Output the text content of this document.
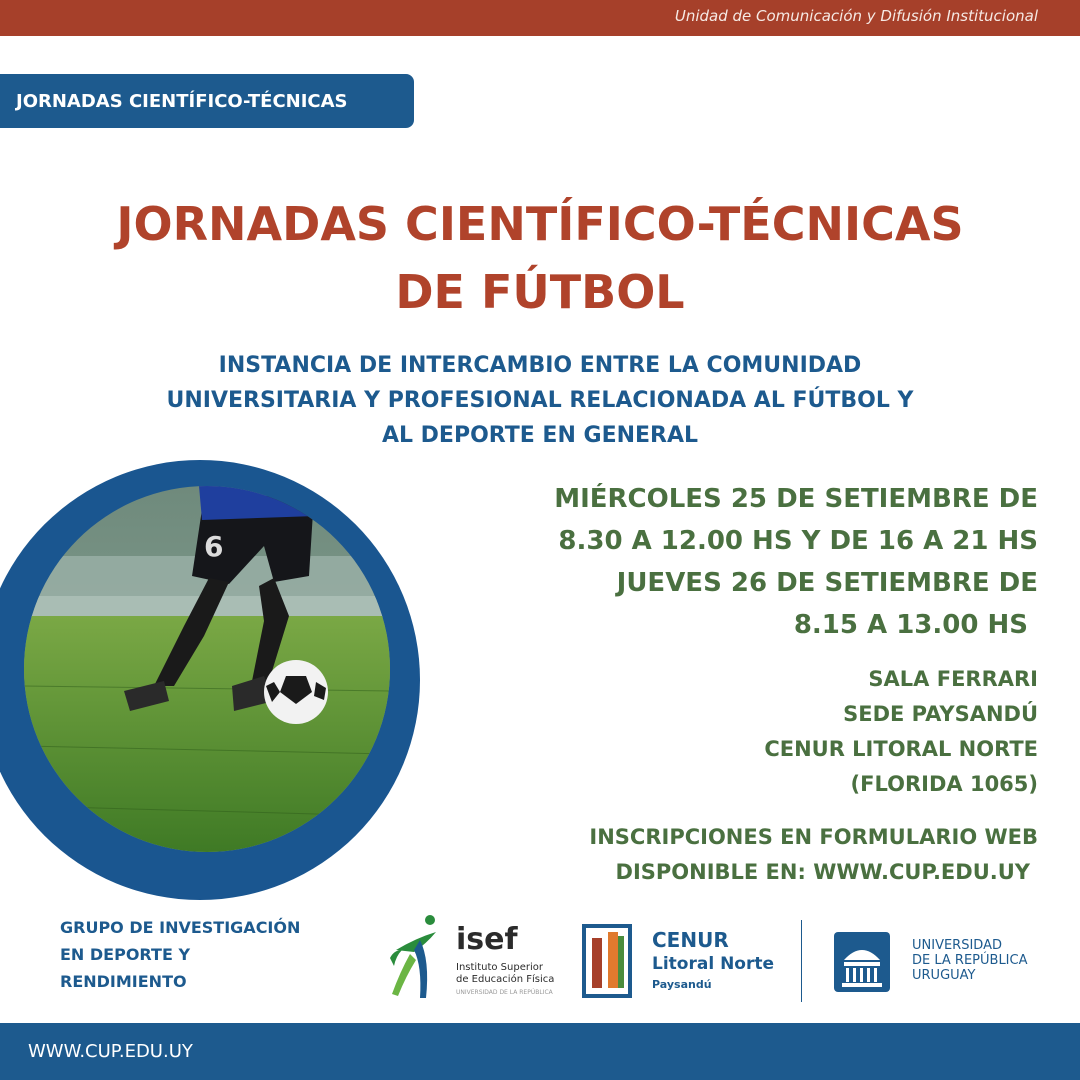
Unidad de Comunicación y Difusión Institucional
JORNADAS CIENTÍFICO-TÉCNICAS
JORNADAS CIENTÍFICO-TÉCNICAS
DE FÚTBOL
INSTANCIA DE INTERCAMBIO ENTRE LA COMUNIDAD
UNIVERSITARIA Y PROFESIONAL RELACIONADA AL FÚTBOL Y
AL DEPORTE EN GENERAL
6
MIÉRCOLES 25 DE SETIEMBRE DE
8.30 A 12.00 HS Y DE 16 A 21 HS
JUEVES 26 DE SETIEMBRE DE
8.15 A 13.00 HS
SALA FERRARI
SEDE PAYSANDÚ
CENUR LITORAL NORTE
(FLORIDA 1065)
INSCRIPCIONES EN FORMULARIO WEB
DISPONIBLE EN: WWW.CUP.EDU.UY
GRUPO DE INVESTIGACIÓN
EN DEPORTE Y
RENDIMIENTO
isef
Instituto Superior
de Educación Física
UNIVERSIDAD DE LA REPÚBLICA
CENUR
Litoral Norte
Paysandú
UNIVERSIDAD
DE LA REPÚBLICA
URUGUAY
WWW.CUP.EDU.UY
